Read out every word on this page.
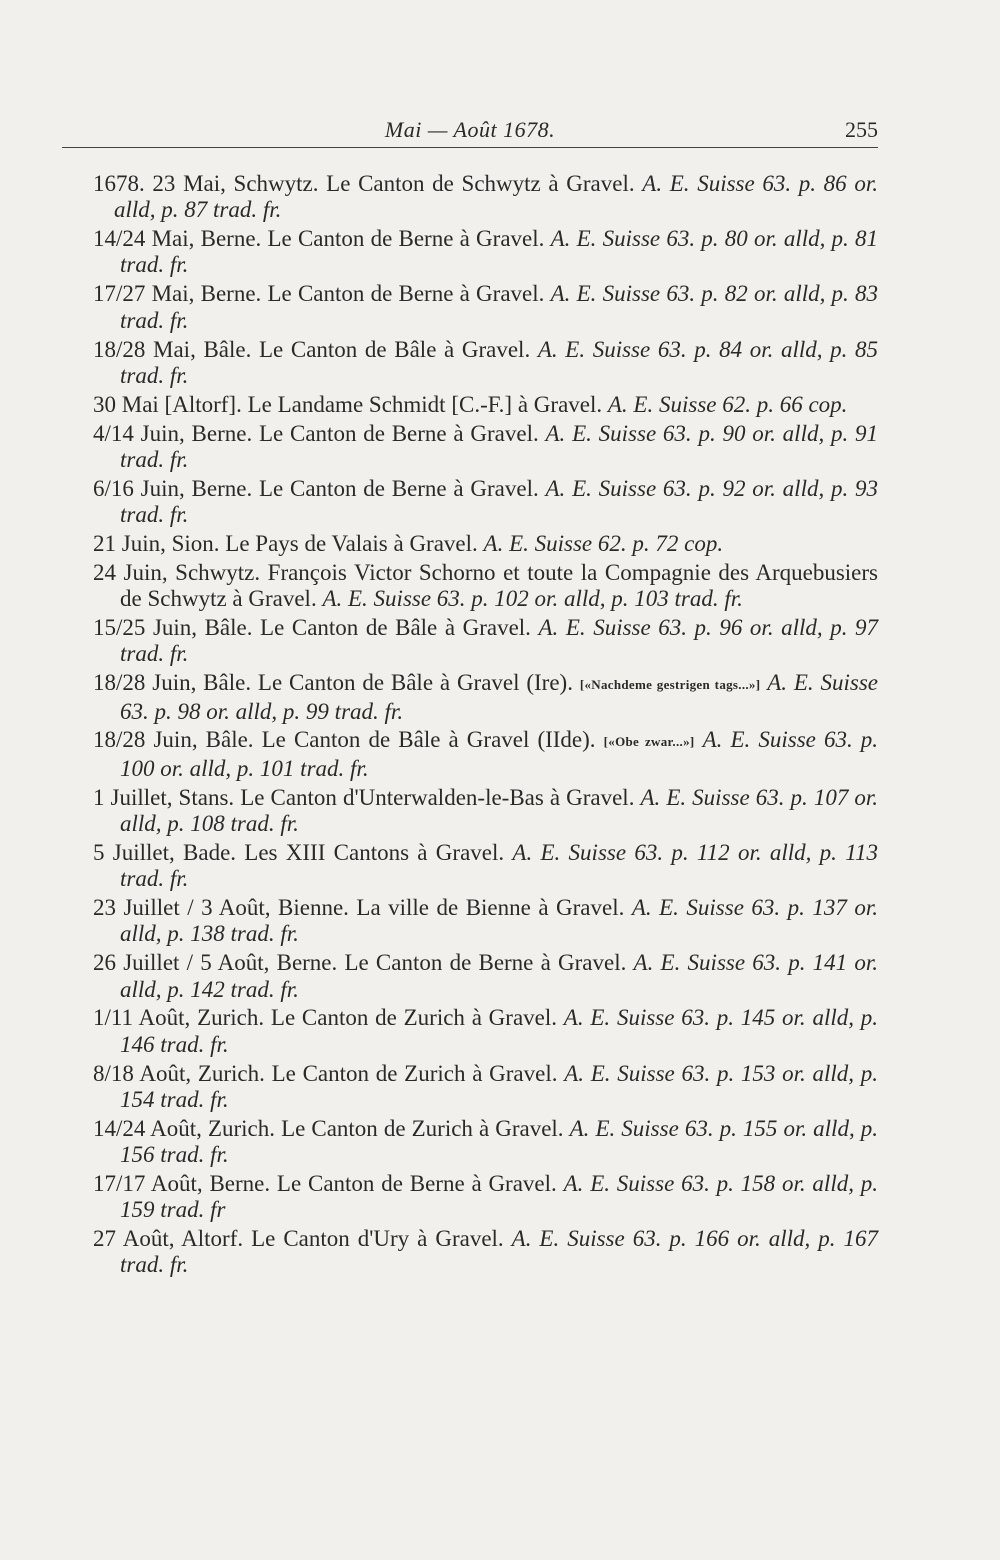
Mai — Août 1678.	255

1678. 23 Mai, Schwytz. Le Canton de Schwytz à Gravel. A. E. Suisse 63. p. 86 or. alld, p. 87 trad. fr.

14/24 Mai, Berne. Le Canton de Berne à Gravel. A. E. Suisse 63. p. 80 or. alld, p. 81 trad. fr.

17/27 Mai, Berne. Le Canton de Berne à Gravel. A. E. Suisse 63. p. 82 or. alld, p. 83 trad. fr.

18/28 Mai, Bâle. Le Canton de Bâle à Gravel. A. E. Suisse 63. p. 84 or. alld, p. 85 trad. fr.

30 Mai [Altorf]. Le Landame Schmidt [C.-F.] à Gravel. A. E. Suisse 62. p. 66 cop.

4/14 Juin, Berne. Le Canton de Berne à Gravel. A. E. Suisse 63. p. 90 or. alld, p. 91 trad. fr.

6/16 Juin, Berne. Le Canton de Berne à Gravel. A. E. Suisse 63. p. 92 or. alld, p. 93 trad. fr.

21 Juin, Sion. Le Pays de Valais à Gravel. A. E. Suisse 62. p. 72 cop.

24 Juin, Schwytz. François Victor Schorno et toute la Compagnie des Arquebusiers de Schwytz à Gravel. A. E. Suisse 63. p. 102 or. alld, p. 103 trad. fr.

15/25 Juin, Bâle. Le Canton de Bâle à Gravel. A. E. Suisse 63. p. 96 or. alld, p. 97 trad. fr.

18/28 Juin, Bâle. Le Canton de Bâle à Gravel (Ire). [«Nachdeme gestrigen tags...»] A. E. Suisse 63. p. 98 or. alld, p. 99 trad. fr.

18/28 Juin, Bâle. Le Canton de Bâle à Gravel (IIde). [«Obe zwar...»] A. E. Suisse 63. p. 100 or. alld, p. 101 trad. fr.

1 Juillet, Stans. Le Canton d'Unterwalden-le-Bas à Gravel. A. E. Suisse 63. p. 107 or. alld, p. 108 trad. fr.

5 Juillet, Bade. Les XIII Cantons à Gravel. A. E. Suisse 63. p. 112 or. alld, p. 113 trad. fr.

23 Juillet / 3 Août, Bienne. La ville de Bienne à Gravel. A. E. Suisse 63. p. 137 or. alld, p. 138 trad. fr.

26 Juillet / 5 Août, Berne. Le Canton de Berne à Gravel. A. E. Suisse 63. p. 141 or. alld, p. 142 trad. fr.

1/11 Août, Zurich. Le Canton de Zurich à Gravel. A. E. Suisse 63. p. 145 or. alld, p. 146 trad. fr.

8/18 Août, Zurich. Le Canton de Zurich à Gravel. A. E. Suisse 63. p. 153 or. alld, p. 154 trad. fr.

14/24 Août, Zurich. Le Canton de Zurich à Gravel. A. E. Suisse 63. p. 155 or. alld, p. 156 trad. fr.

17/17 Août, Berne. Le Canton de Berne à Gravel. A. E. Suisse 63. p. 158 or. alld, p. 159 trad. fr

27 Août, Altorf. Le Canton d'Ury à Gravel. A. E. Suisse 63. p. 166 or. alld, p. 167 trad. fr.
